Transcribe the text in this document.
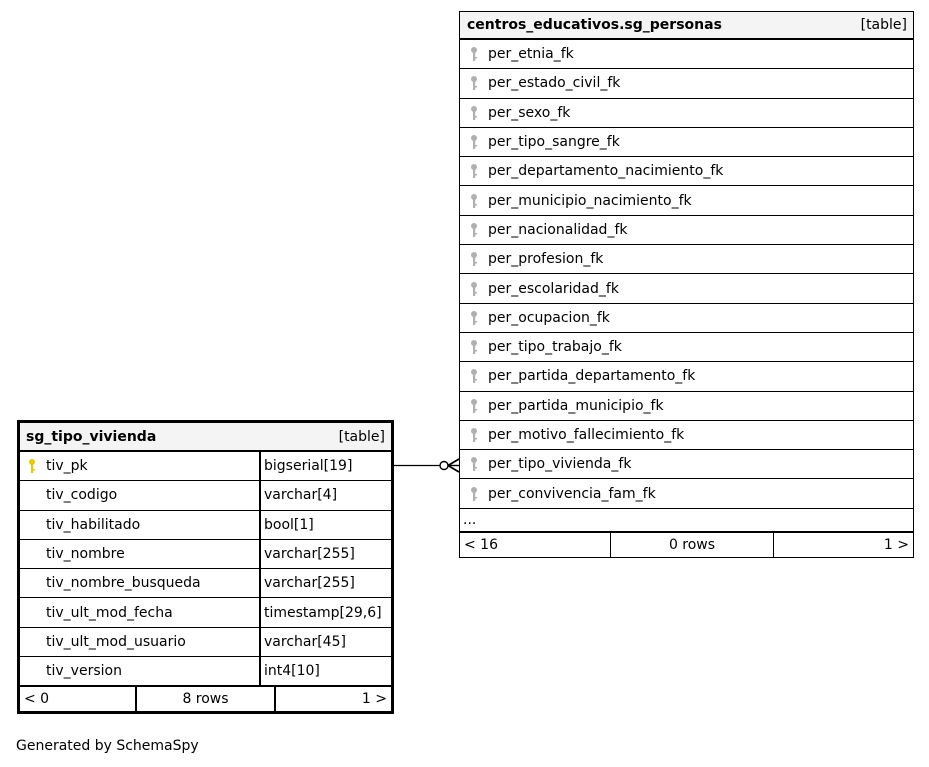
centros_educativos.sg_personas	[table]
per_etnia_fk
per_estado_civil_fk
per_sexo_fk
per_tipo_sangre_fk
per_departamento_nacimiento_fk
per_municipio_nacimiento_fk
per_nacionalidad_fk
per_profesion_fk
per_escolaridad_fk
per_ocupacion_fk
per_tipo_trabajo_fk
per_partida_departamento_fk
per_partida_municipio_fk
per_motivo_fallecimiento_fk
per_tipo_vivienda_fk
per_convivencia_fam_fk
...
< 16	0 rows	1 >
sg_tipo_vivienda	[table]
tiv_pk	bigserial[19]
tiv_codigo	varchar[4]
tiv_habilitado	bool[1]
tiv_nombre	varchar[255]
tiv_nombre_busqueda	varchar[255]
tiv_ult_mod_fecha	timestamp[29,6]
tiv_ult_mod_usuario	varchar[45]
tiv_version	int4[10]
< 0	8 rows	1 >
Generated by SchemaSpy
